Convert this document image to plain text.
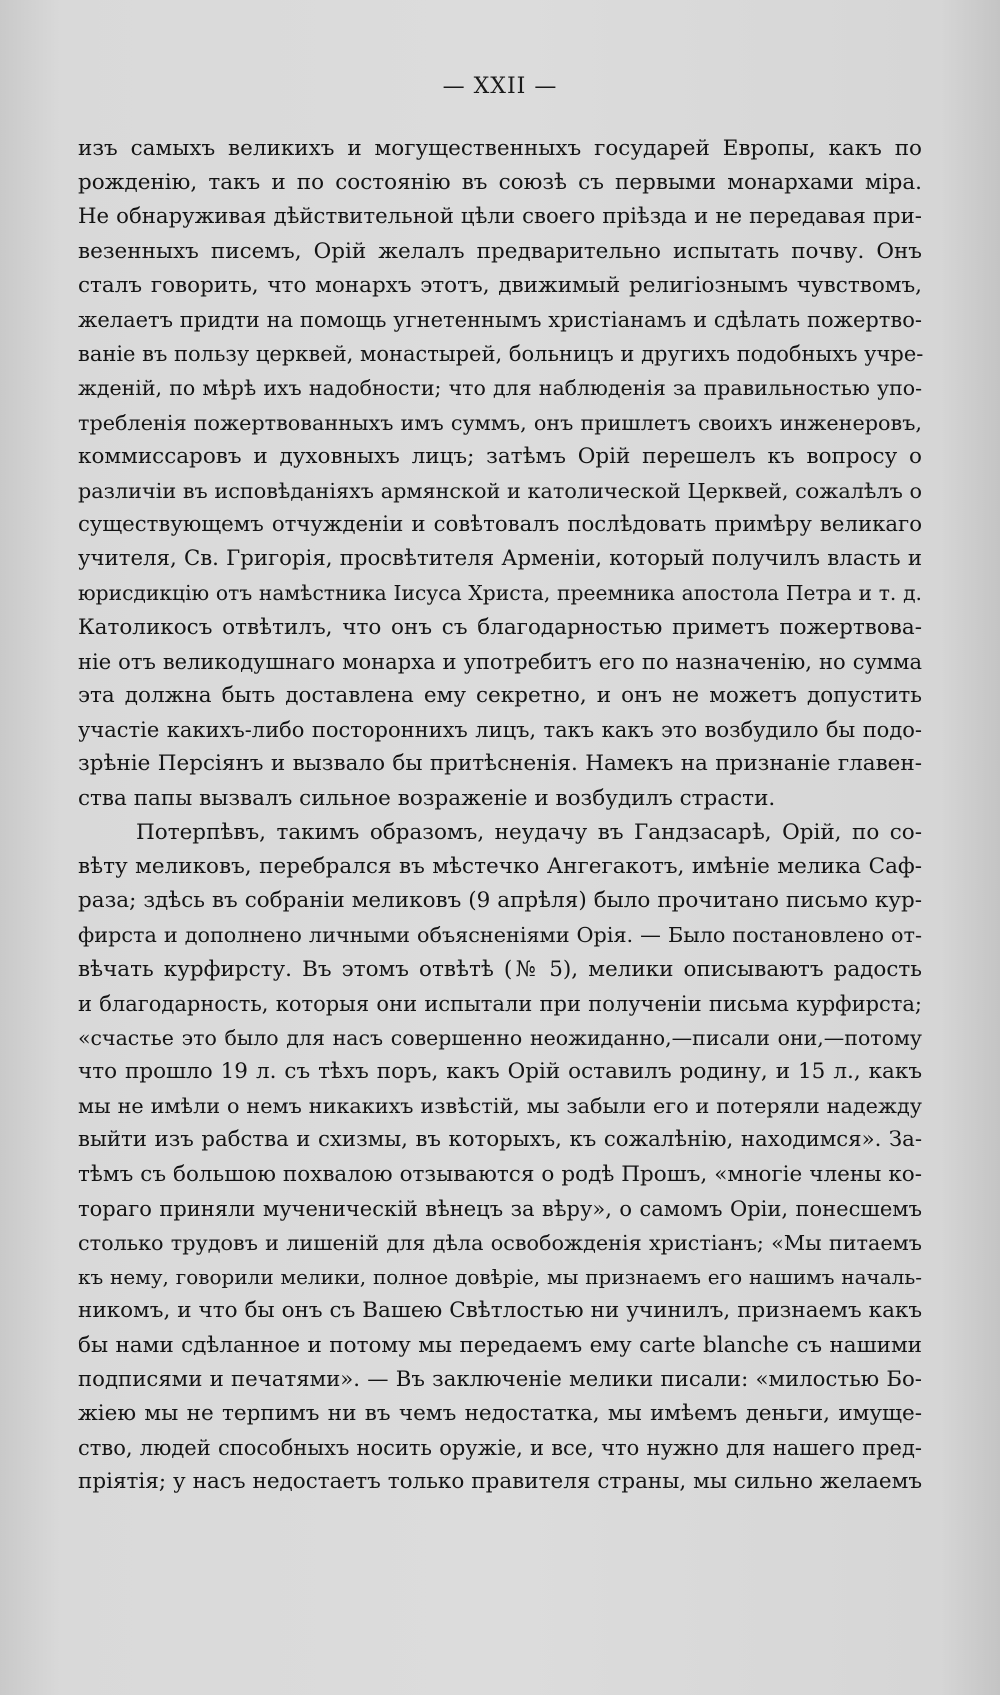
— XXII —
изъ самыхъ великихъ и могущественныхъ государей Европы, какъ по
рожденію, такъ и по состоянію въ союзѣ съ первыми монархами міра.
Не обнаруживая дѣйствительной цѣли своего пріѣзда и не передавая при-
везенныхъ писемъ, Орій желалъ предварительно испытать почву. Онъ
сталъ говорить, что монархъ этотъ, движимый религіознымъ чувствомъ,
желаетъ придти на помощь угнетеннымъ христіанамъ и сдѣлать пожертво-
ваніе въ пользу церквей, монастырей, больницъ и другихъ подобныхъ учре-
жденій, по мѣрѣ ихъ надобности; что для наблюденія за правильностью упо-
требленія пожертвованныхъ имъ суммъ, онъ пришлетъ своихъ инженеровъ,
коммиссаровъ и духовныхъ лицъ; затѣмъ Орій перешелъ къ вопросу о
различіи въ исповѣданіяхъ армянской и католической Церквей, сожалѣлъ о
существующемъ отчужденіи и совѣтовалъ послѣдовать примѣру великаго
учителя, Св. Григорія, просвѣтителя Арменіи, который получилъ власть и
юрисдикцію отъ намѣстника Іисуса Христа, преемника апостола Петра и т. д.
Католикосъ отвѣтилъ, что онъ съ благодарностью приметъ пожертвова-
ніе отъ великодушнаго монарха и употребитъ его по назначенію, но сумма
эта должна быть доставлена ему секретно, и онъ не можетъ допустить
участіе какихъ-либо постороннихъ лицъ, такъ какъ это возбудило бы подо-
зрѣніе Персіянъ и вызвало бы притѣсненія. Намекъ на признаніе главен-
ства папы вызвалъ сильное возраженіе и возбудилъ страсти.
Потерпѣвъ, такимъ образомъ, неудачу въ Гандзасарѣ, Орій, по со-
вѣту меликовъ, перебрался въ мѣстечко Ангегакотъ, имѣніе мелика Саф-
раза; здѣсь въ собраніи меликовъ (9 апрѣля) было прочитано письмо кур-
фирста и дополнено личными объясненіями Орія. — Было постановлено от-
вѣчать курфирсту. Въ этомъ отвѣтѣ (№ 5), мелики описываютъ радость
и благодарность, которыя они испытали при полученіи письма курфирста;
«счастье это было для насъ совершенно неожиданно,—писали они,—потому
что прошло 19 л. съ тѣхъ поръ, какъ Орій оставилъ родину, и 15 л., какъ
мы не имѣли о немъ никакихъ извѣстій, мы забыли его и потеряли надежду
выйти изъ рабства и схизмы, въ которыхъ, къ сожалѣнію, находимся». За-
тѣмъ съ большою похвалою отзываются о родѣ Прошъ, «многіе члены ко-
тораго приняли мученическій вѣнецъ за вѣру», о самомъ Оріи, понесшемъ
столько трудовъ и лишеній для дѣла освобожденія христіанъ; «Мы питаемъ
къ нему, говорили мелики, полное довѣріе, мы признаемъ его нашимъ началь-
никомъ, и что бы онъ съ Вашею Свѣтлостью ни учинилъ, признаемъ какъ
бы нами сдѣланное и потому мы передаемъ ему carte blanche съ нашими
подписями и печатями». — Въ заключеніе мелики писали: «милостью Бо-
жіею мы не терпимъ ни въ чемъ недостатка, мы имѣемъ деньги, имуще-
ство, людей способныхъ носить оружіе, и все, что нужно для нашего пред-
пріятія; у насъ недостаетъ только правителя страны, мы сильно желаемъ
